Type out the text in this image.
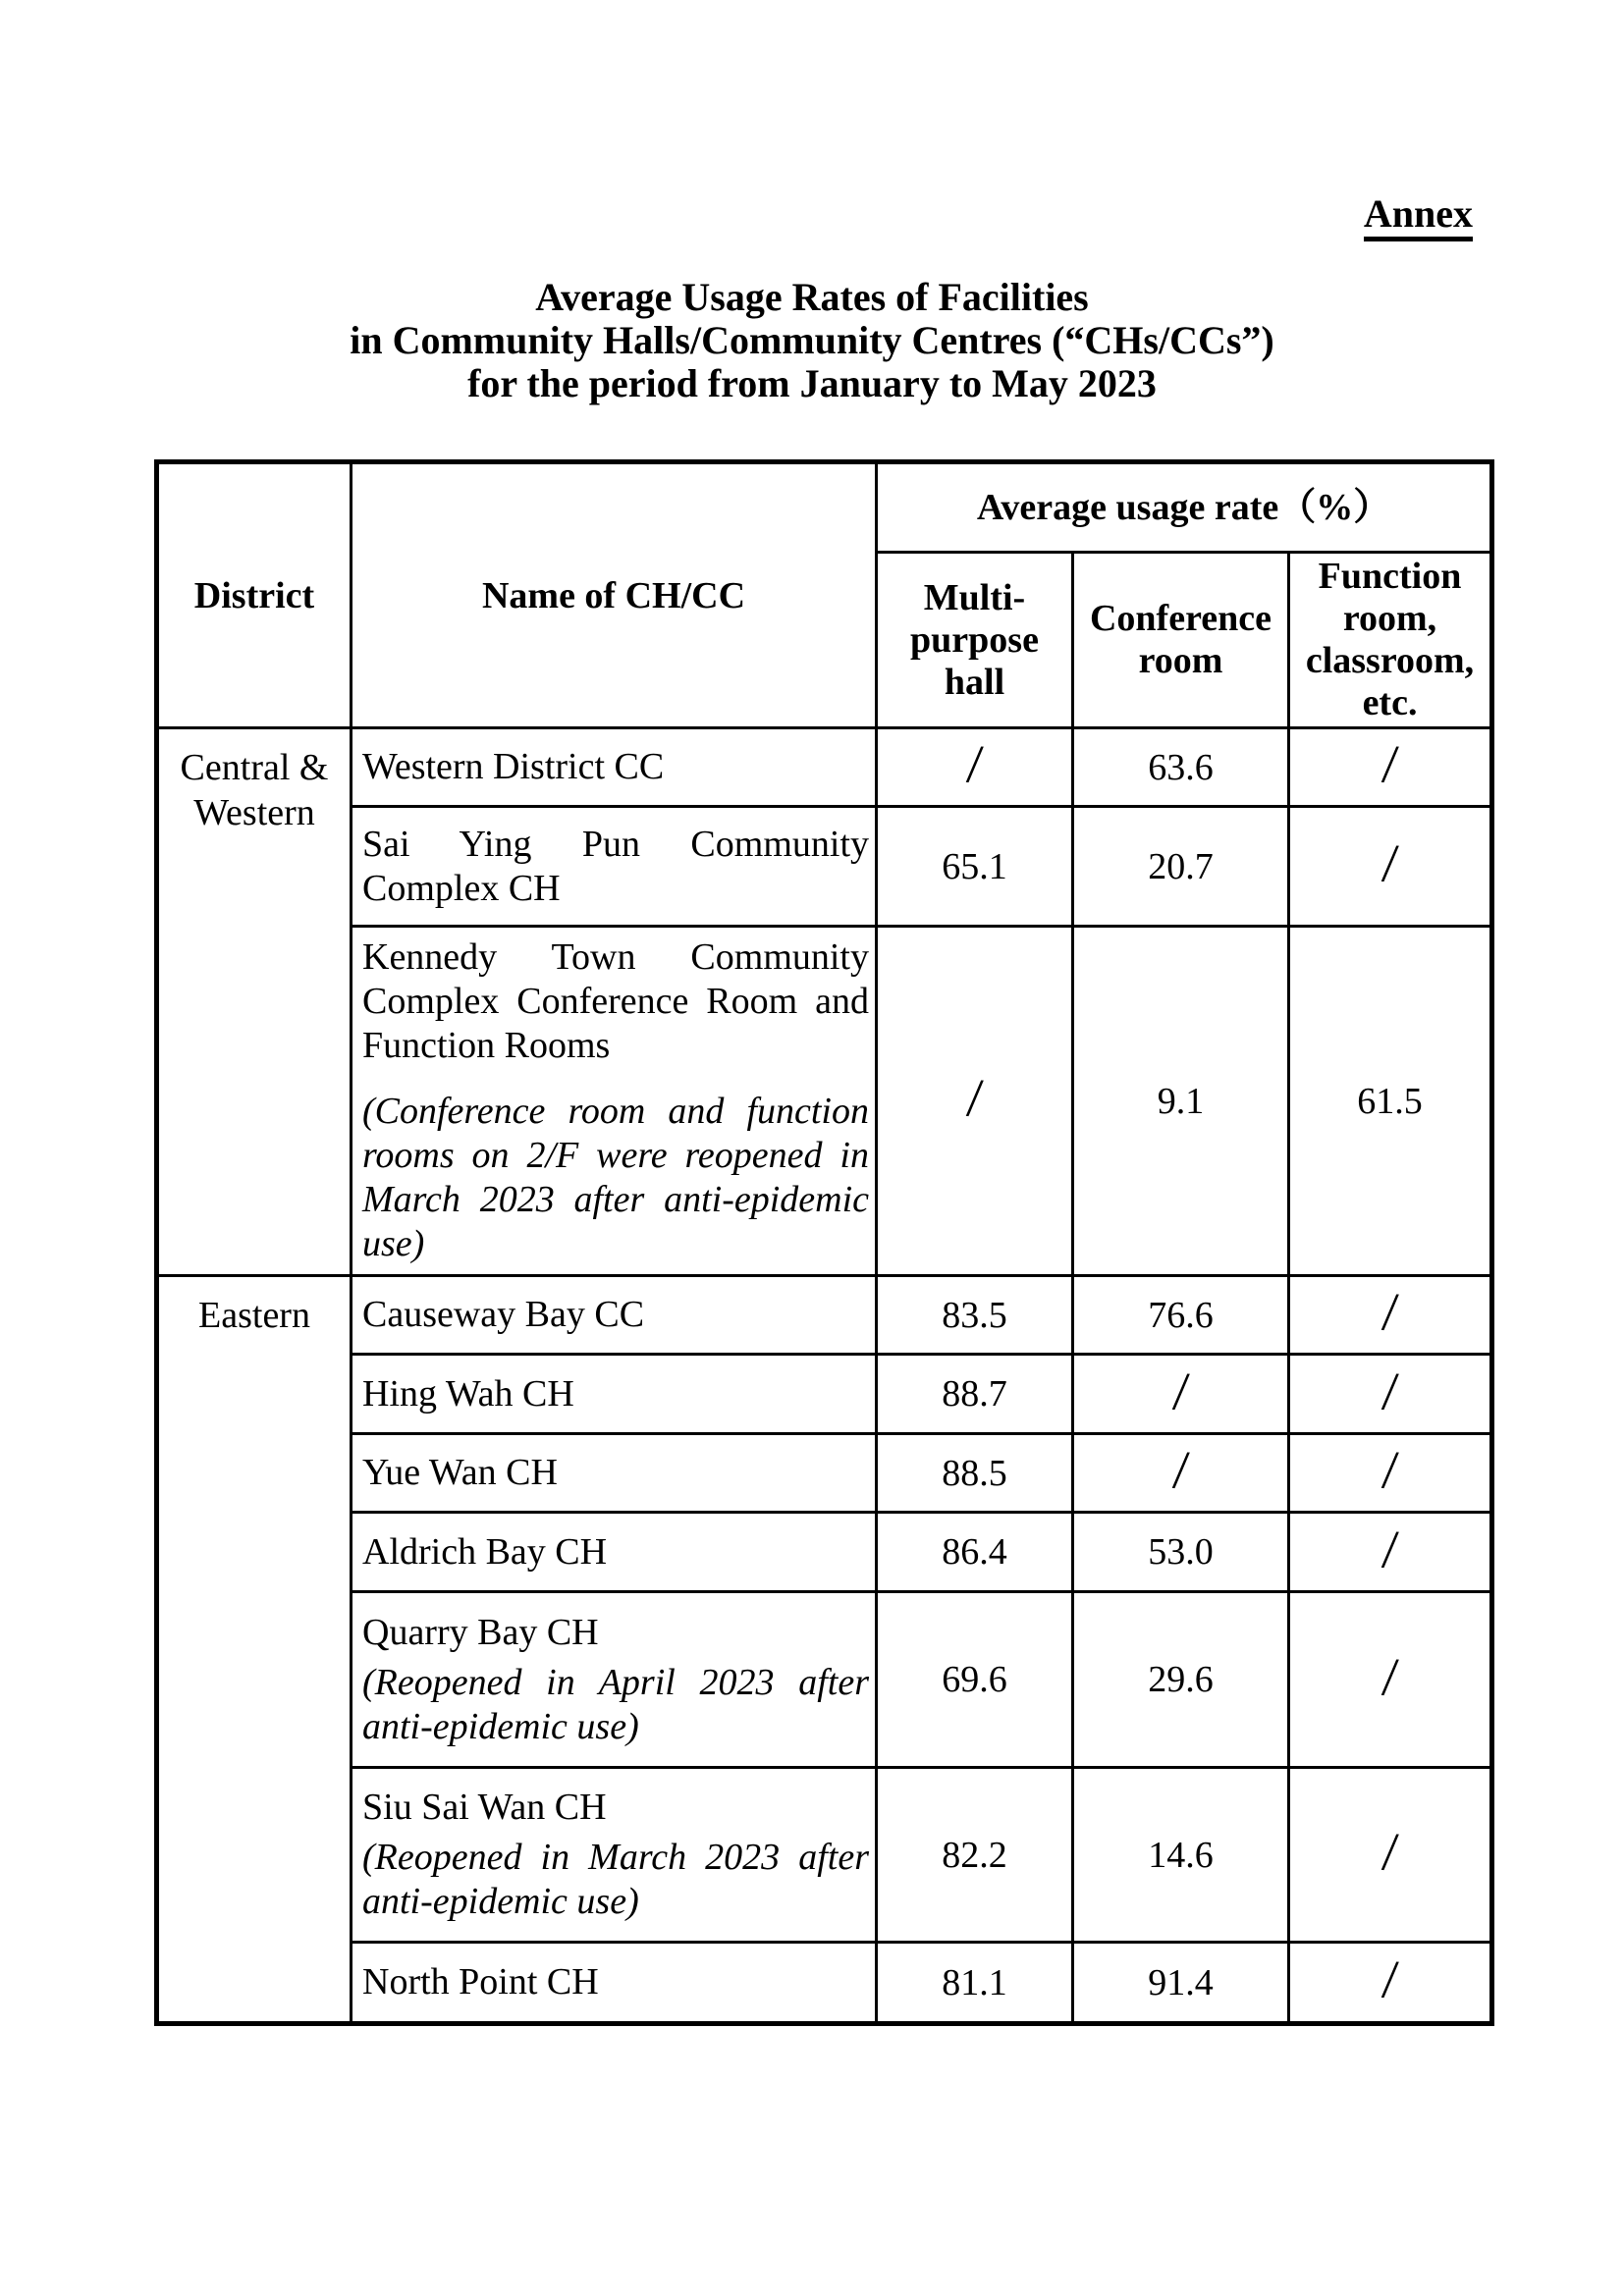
Annex
Average Usage Rates of Facilities
in Community Halls/Community Centres (“CHs/CCs”)
for the period from January to May 2023
District	Name of CH/CC	Average usage rate（%）		
		Multi-purpose hall	Conference room	Function room, classroom, etc.
Central & Western	Western District CC	/	63.6	/

	Sai Ying Pun Community Complex CH	65.1	20.7	/

	Kennedy Town Community Complex Conference Room and Function Rooms

(Conference room and function rooms on 2/F were reopened in March 2023 after anti-epidemic use)	/	9.1	61.5
Eastern	Causeway Bay CC	83.5	76.6	/

	Hing Wah CH	88.7	/	/

	Yue Wan CH	88.5	/	/

	Aldrich Bay CH	86.4	53.0	/

	Quarry Bay CH

(Reopened in April 2023 after anti-epidemic use)	69.6	29.6	/

	Siu Sai Wan CH

(Reopened in March 2023 after anti-epidemic use)	82.2	14.6	/

	North Point CH	81.1	91.4	/
